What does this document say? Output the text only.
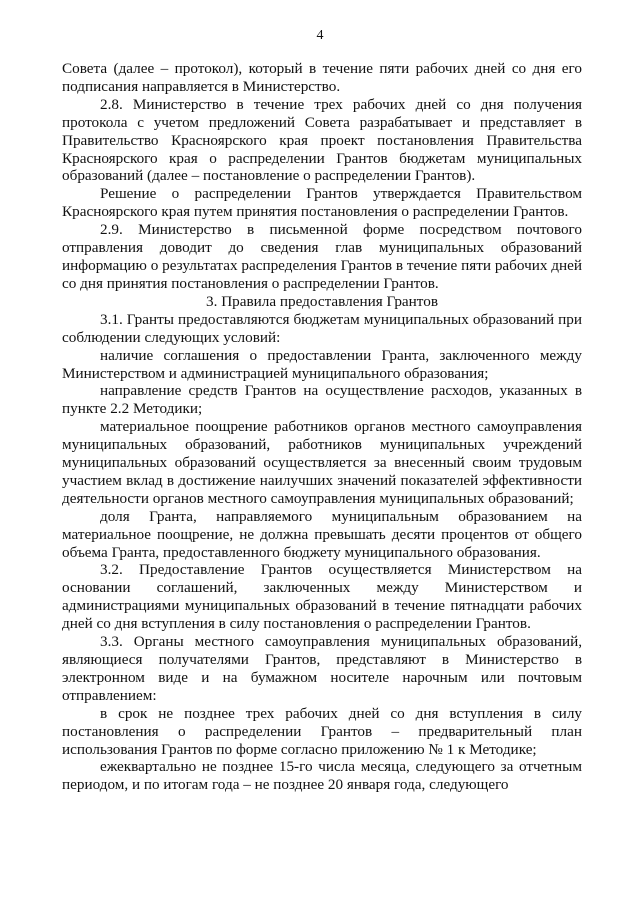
4

Совета (далее – протокол), который в течение пяти рабочих дней со дня его подписания направляется в Министерство.

2.8. Министерство в течение трех рабочих дней со дня получения протокола с учетом предложений Совета разрабатывает и представляет в Правительство Красноярского края проект постановления Правительства Красноярского края о распределении Грантов бюджетам муниципальных образований (далее – постановление о распределении Грантов).

Решение о распределении Грантов утверждается Правительством Красноярского края путем принятия постановления о распределении Грантов.

2.9. Министерство в письменной форме посредством почтового отправления доводит до сведения глав муниципальных образований информацию о результатах распределения Грантов в течение пяти рабочих дней со дня принятия постановления о распределении Грантов.

3. Правила предоставления Грантов

3.1. Гранты предоставляются бюджетам муниципальных образований при соблюдении следующих условий:

наличие соглашения о предоставлении Гранта, заключенного между Министерством и администрацией муниципального образования;

направление средств Грантов на осуществление расходов, указанных в пункте 2.2 Методики;

материальное поощрение работников органов местного самоуправления муниципальных образований, работников муниципальных учреждений муниципальных образований осуществляется за внесенный своим трудовым участием вклад в достижение наилучших значений показателей эффективности деятельности органов местного самоуправления муниципальных образований;

доля Гранта, направляемого муниципальным образованием на материальное поощрение, не должна превышать десяти процентов от общего объема Гранта, предоставленного бюджету муниципального образования.

3.2. Предоставление Грантов осуществляется Министерством на основании соглашений, заключенных между Министерством и администрациями муниципальных образований в течение пятнадцати рабочих дней со дня вступления в силу постановления о распределении Грантов.

3.3. Органы местного самоуправления муниципальных образований, являющиеся получателями Грантов, представляют в Министерство в электронном виде и на бумажном носителе нарочным или почтовым отправлением:

в срок не позднее трех рабочих дней со дня вступления в силу постановления о распределении Грантов – предварительный план использования Грантов по форме согласно приложению № 1 к Методике;

ежеквартально не позднее 15-го числа месяца, следующего за отчетным периодом, и по итогам года – не позднее 20 января года, следующего
